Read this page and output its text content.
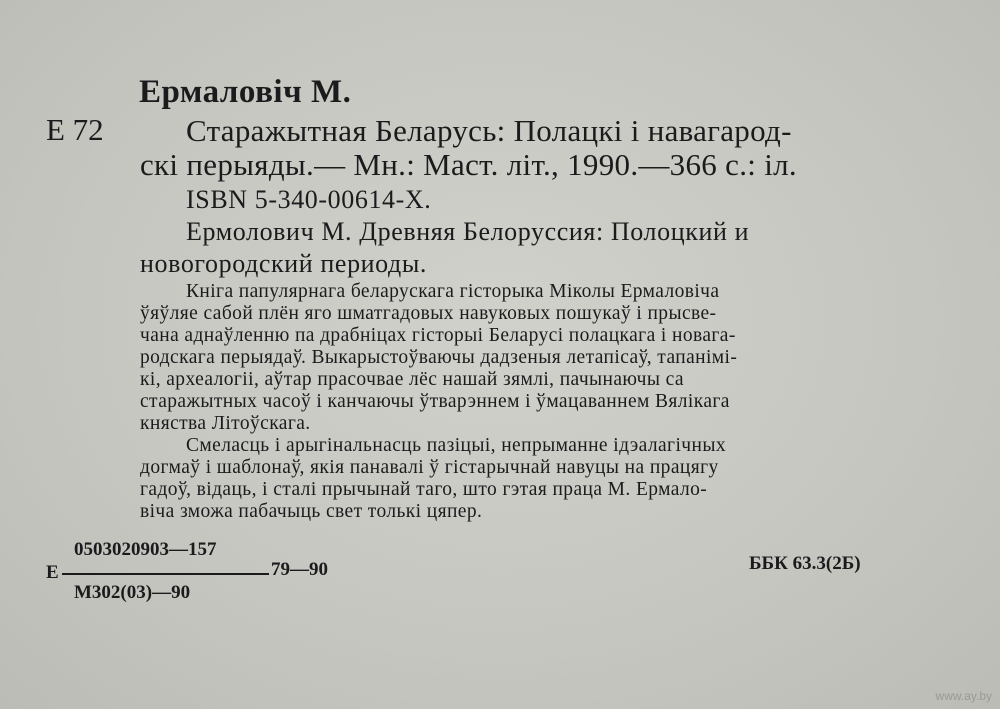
Ермаловіч М.
Е 72	Старажытная Беларусь: Полацкі і навагарод-
скі перыяды.— Мн.: Маст. літ., 1990.—366 с.: іл.
ISBN 5-340-00614-Х.
Ермолович М. Древняя Белоруссия: Полоцкий и
новогородский периоды.
Кніга папулярнага беларускага гісторыка Міколы Ермаловіча
ўяўляе сабой плён яго шматгадовых навуковых пошукаў і прысве-
чана аднаўленню па драбніцах гісторыі Беларусі полацкага і новага-
родскага перыядаў. Выкарыстоўваючы дадзеныя летапісаў, тапанімі-
кі, археалогіі, аўтар прасочвае лёс нашай зямлі, пачынаючы са
старажытных часоў і канчаючы ўтварэннем і ўмацаваннем Вялікага
княства Літоўскага.
Смеласць і арыгінальнасць пазіцыі, непрыманне ідэалагічных
догмаў і шаблонаў, якія панавалі ў гістарычнай навуцы на працягу
гадоў, відаць, і сталі прычынай таго, што гэтая праца М. Ермало-
віча зможа пабачыць свет толькі цяпер.
0503020903—157
Е	79—90
М302(03)—90
ББК 63.3(2Б)
www.ay.by
